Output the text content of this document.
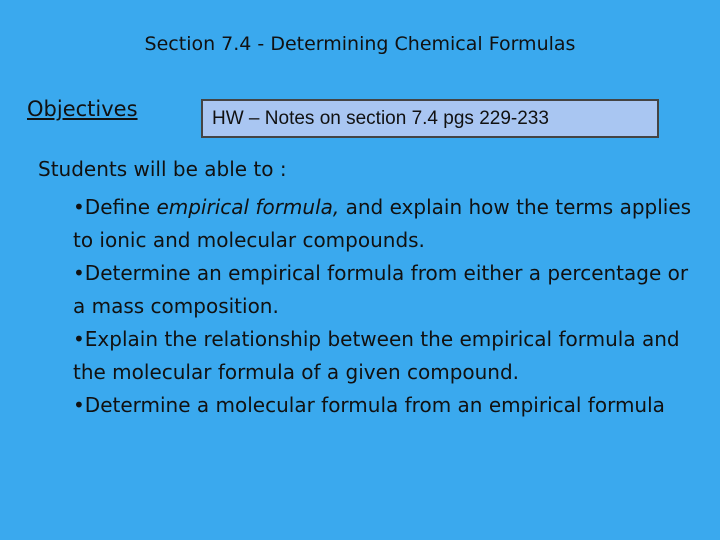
Section 7.4 - Determining Chemical Formulas
Objectives	HW – Notes on section 7.4 pgs 229-233
Students will be able to :
•Define empirical formula, and explain how the terms applies to ionic and molecular compounds.
•Determine an empirical formula from either a percentage or a mass composition.
•Explain the relationship between the empirical formula and the molecular formula of a given compound.
•Determine a molecular formula from an empirical formula
